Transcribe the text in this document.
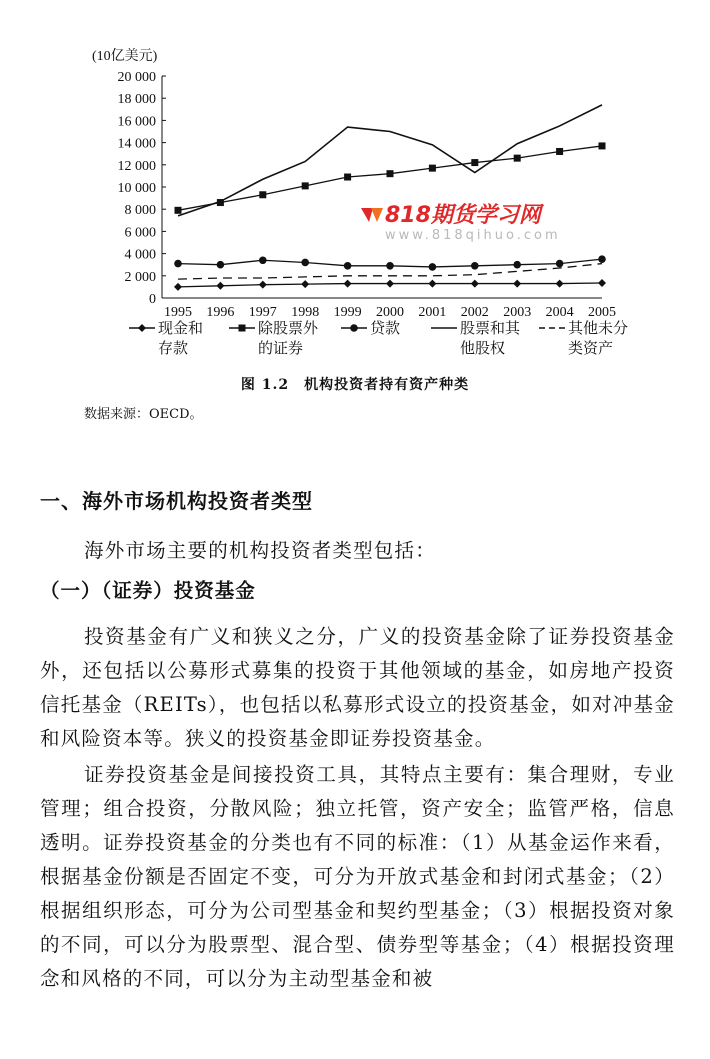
20 000
18 000
16 000
14 000
12 000
10 000
8 000
6 000
4 000
2 000
0
1995 1996 1997 1998 1999 2000 2001 2002 2003 2004 2005
(10亿美元)
818期货学习网
www.818qihuo.com
现金和
存款
除股票外
的证券
贷款	股票和其
他股权
其他未分
类资产
图 1.2　机构投资者持有资产种类
数据来源：OECD。
一、海外市场机构投资者类型
海外市场主要的机构投资者类型包括：
（一）（证券）投资基金
投资基金有广义和狭义之分，广义的投资基金除了证券投资基金外，还包括以公募形式募集的投资于其他领域的基金，如房地产投资信托基金（REITs），也包括以私募形式设立的投资基金，如对冲基金和风险资本等。狭义的投资基金即证券投资基金。
证券投资基金是间接投资工具，其特点主要有：集合理财，专业管理；组合投资，分散风险；独立托管，资产安全；监管严格，信息透明。证券投资基金的分类也有不同的标准：（1）从基金运作来看，根据基金份额是否固定不变，可分为开放式基金和封闭式基金；（2）根据组织形态，可分为公司型基金和契约型基金；（3）根据投资对象的不同，可以分为股票型、混合型、债券型等基金；（4）根据投资理念和风格的不同，可以分为主动型基金和被
